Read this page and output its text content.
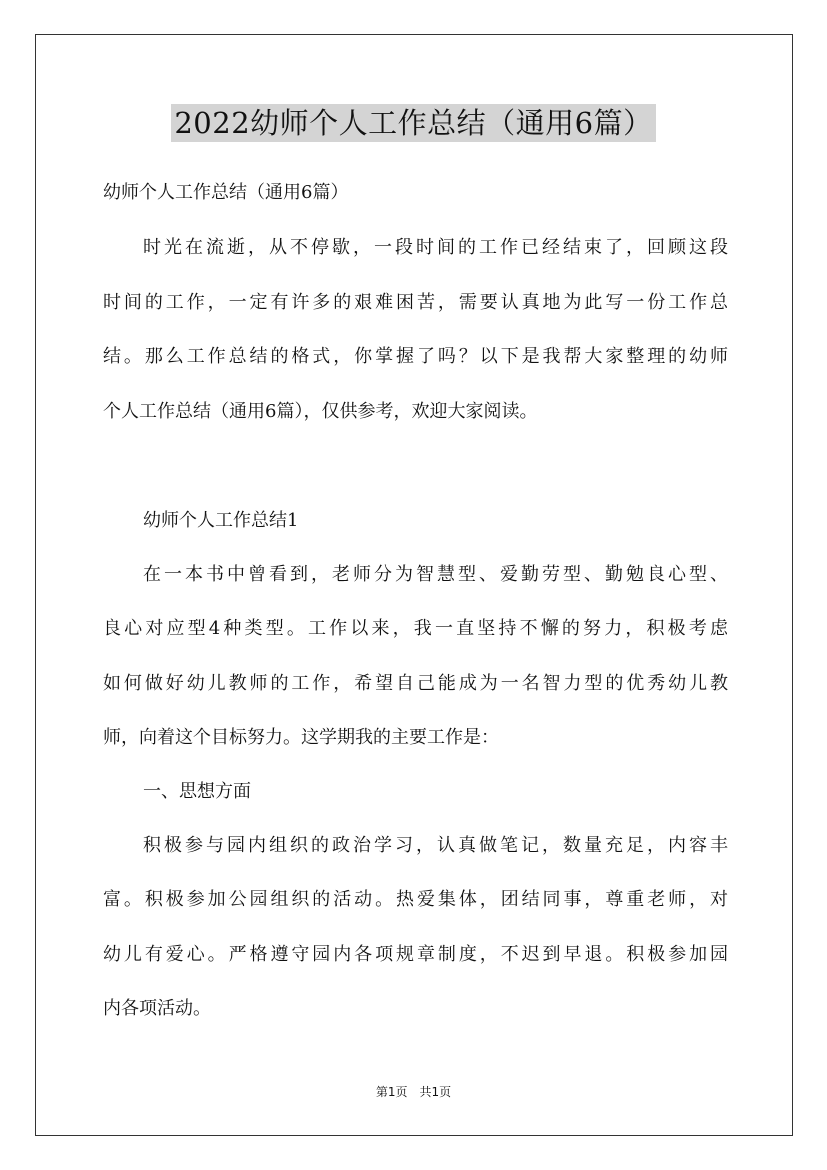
2022幼师个人工作总结（通用6篇）
幼师个人工作总结（通用6篇）
时光在流逝，从不停歇，一段时间的工作已经结束了，回顾这段
时间的工作，一定有许多的艰难困苦，需要认真地为此写一份工作总
结。那么工作总结的格式，你掌握了吗？以下是我帮大家整理的幼师
个人工作总结（通用6篇），仅供参考，欢迎大家阅读。
幼师个人工作总结1
在一本书中曾看到，老师分为智慧型、爱勤劳型、勤勉良心型、
良心对应型4种类型。工作以来，我一直坚持不懈的努力，积极考虑
如何做好幼儿教师的工作，希望自己能成为一名智力型的优秀幼儿教
师，向着这个目标努力。这学期我的主要工作是：
一、思想方面
积极参与园内组织的政治学习，认真做笔记，数量充足，内容丰
富。积极参加公园组织的活动。热爱集体，团结同事，尊重老师，对
幼儿有爱心。严格遵守园内各项规章制度，不迟到早退。积极参加园
内各项活动。
第1页　共1页
